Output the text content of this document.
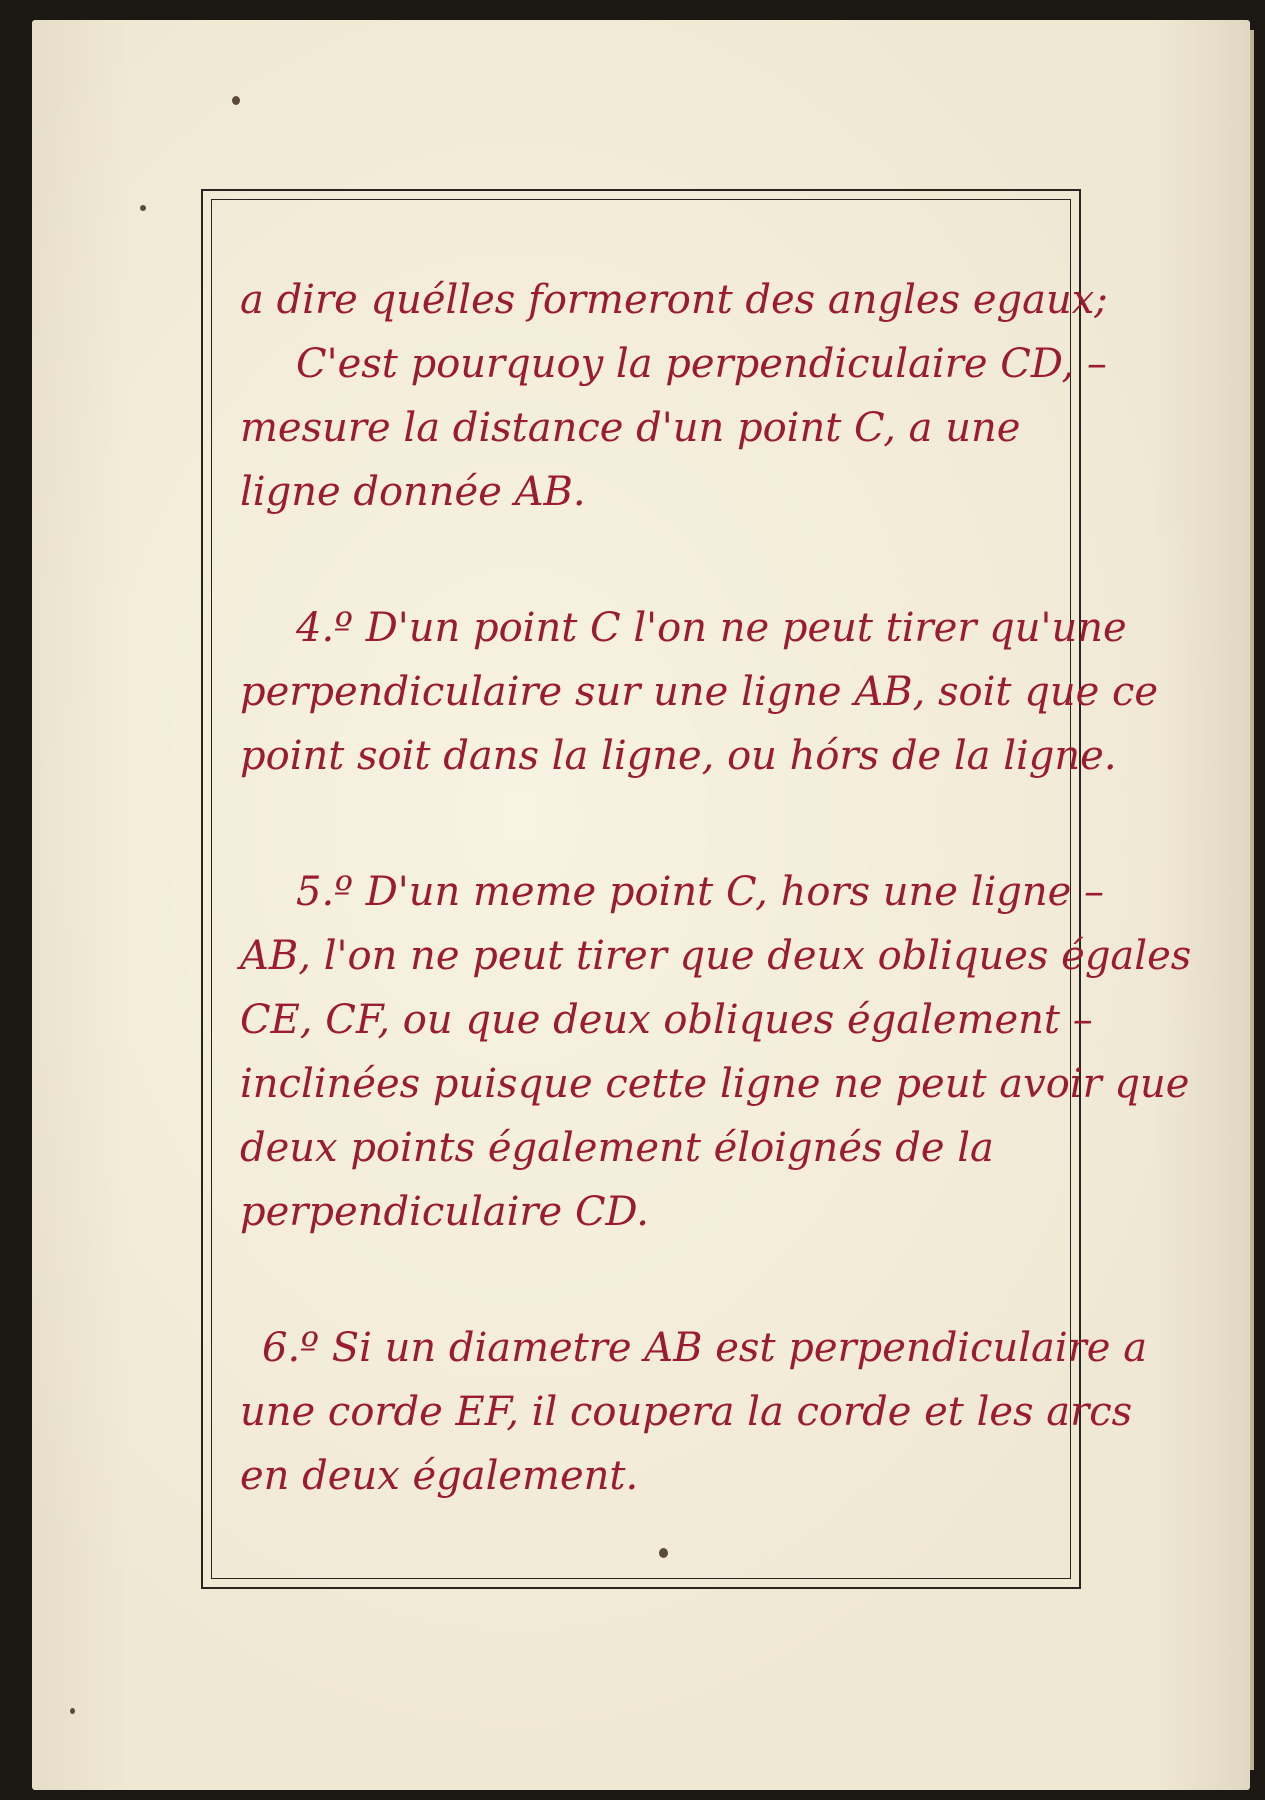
a dire quélles formeront des angles egaux;
C'est pourquoy la perpendiculaire CD, –
mesure la distance d'un point C, a une
ligne donnée AB.

4.º D'un point C l'on ne peut tirer qu'une
perpendiculaire sur une ligne AB, soit que ce
point soit dans la ligne, ou hórs de la ligne.

5.º D'un meme point C, hors une ligne –
AB, l'on ne peut tirer que deux obliques égales
CE, CF, ou que deux obliques également –
inclinées puisque cette ligne ne peut avoir que
deux points également éloignés de la
perpendiculaire CD.

6.º Si un diametre AB est perpendiculaire a
une corde EF, il coupera la corde et les arcs
en deux également.
